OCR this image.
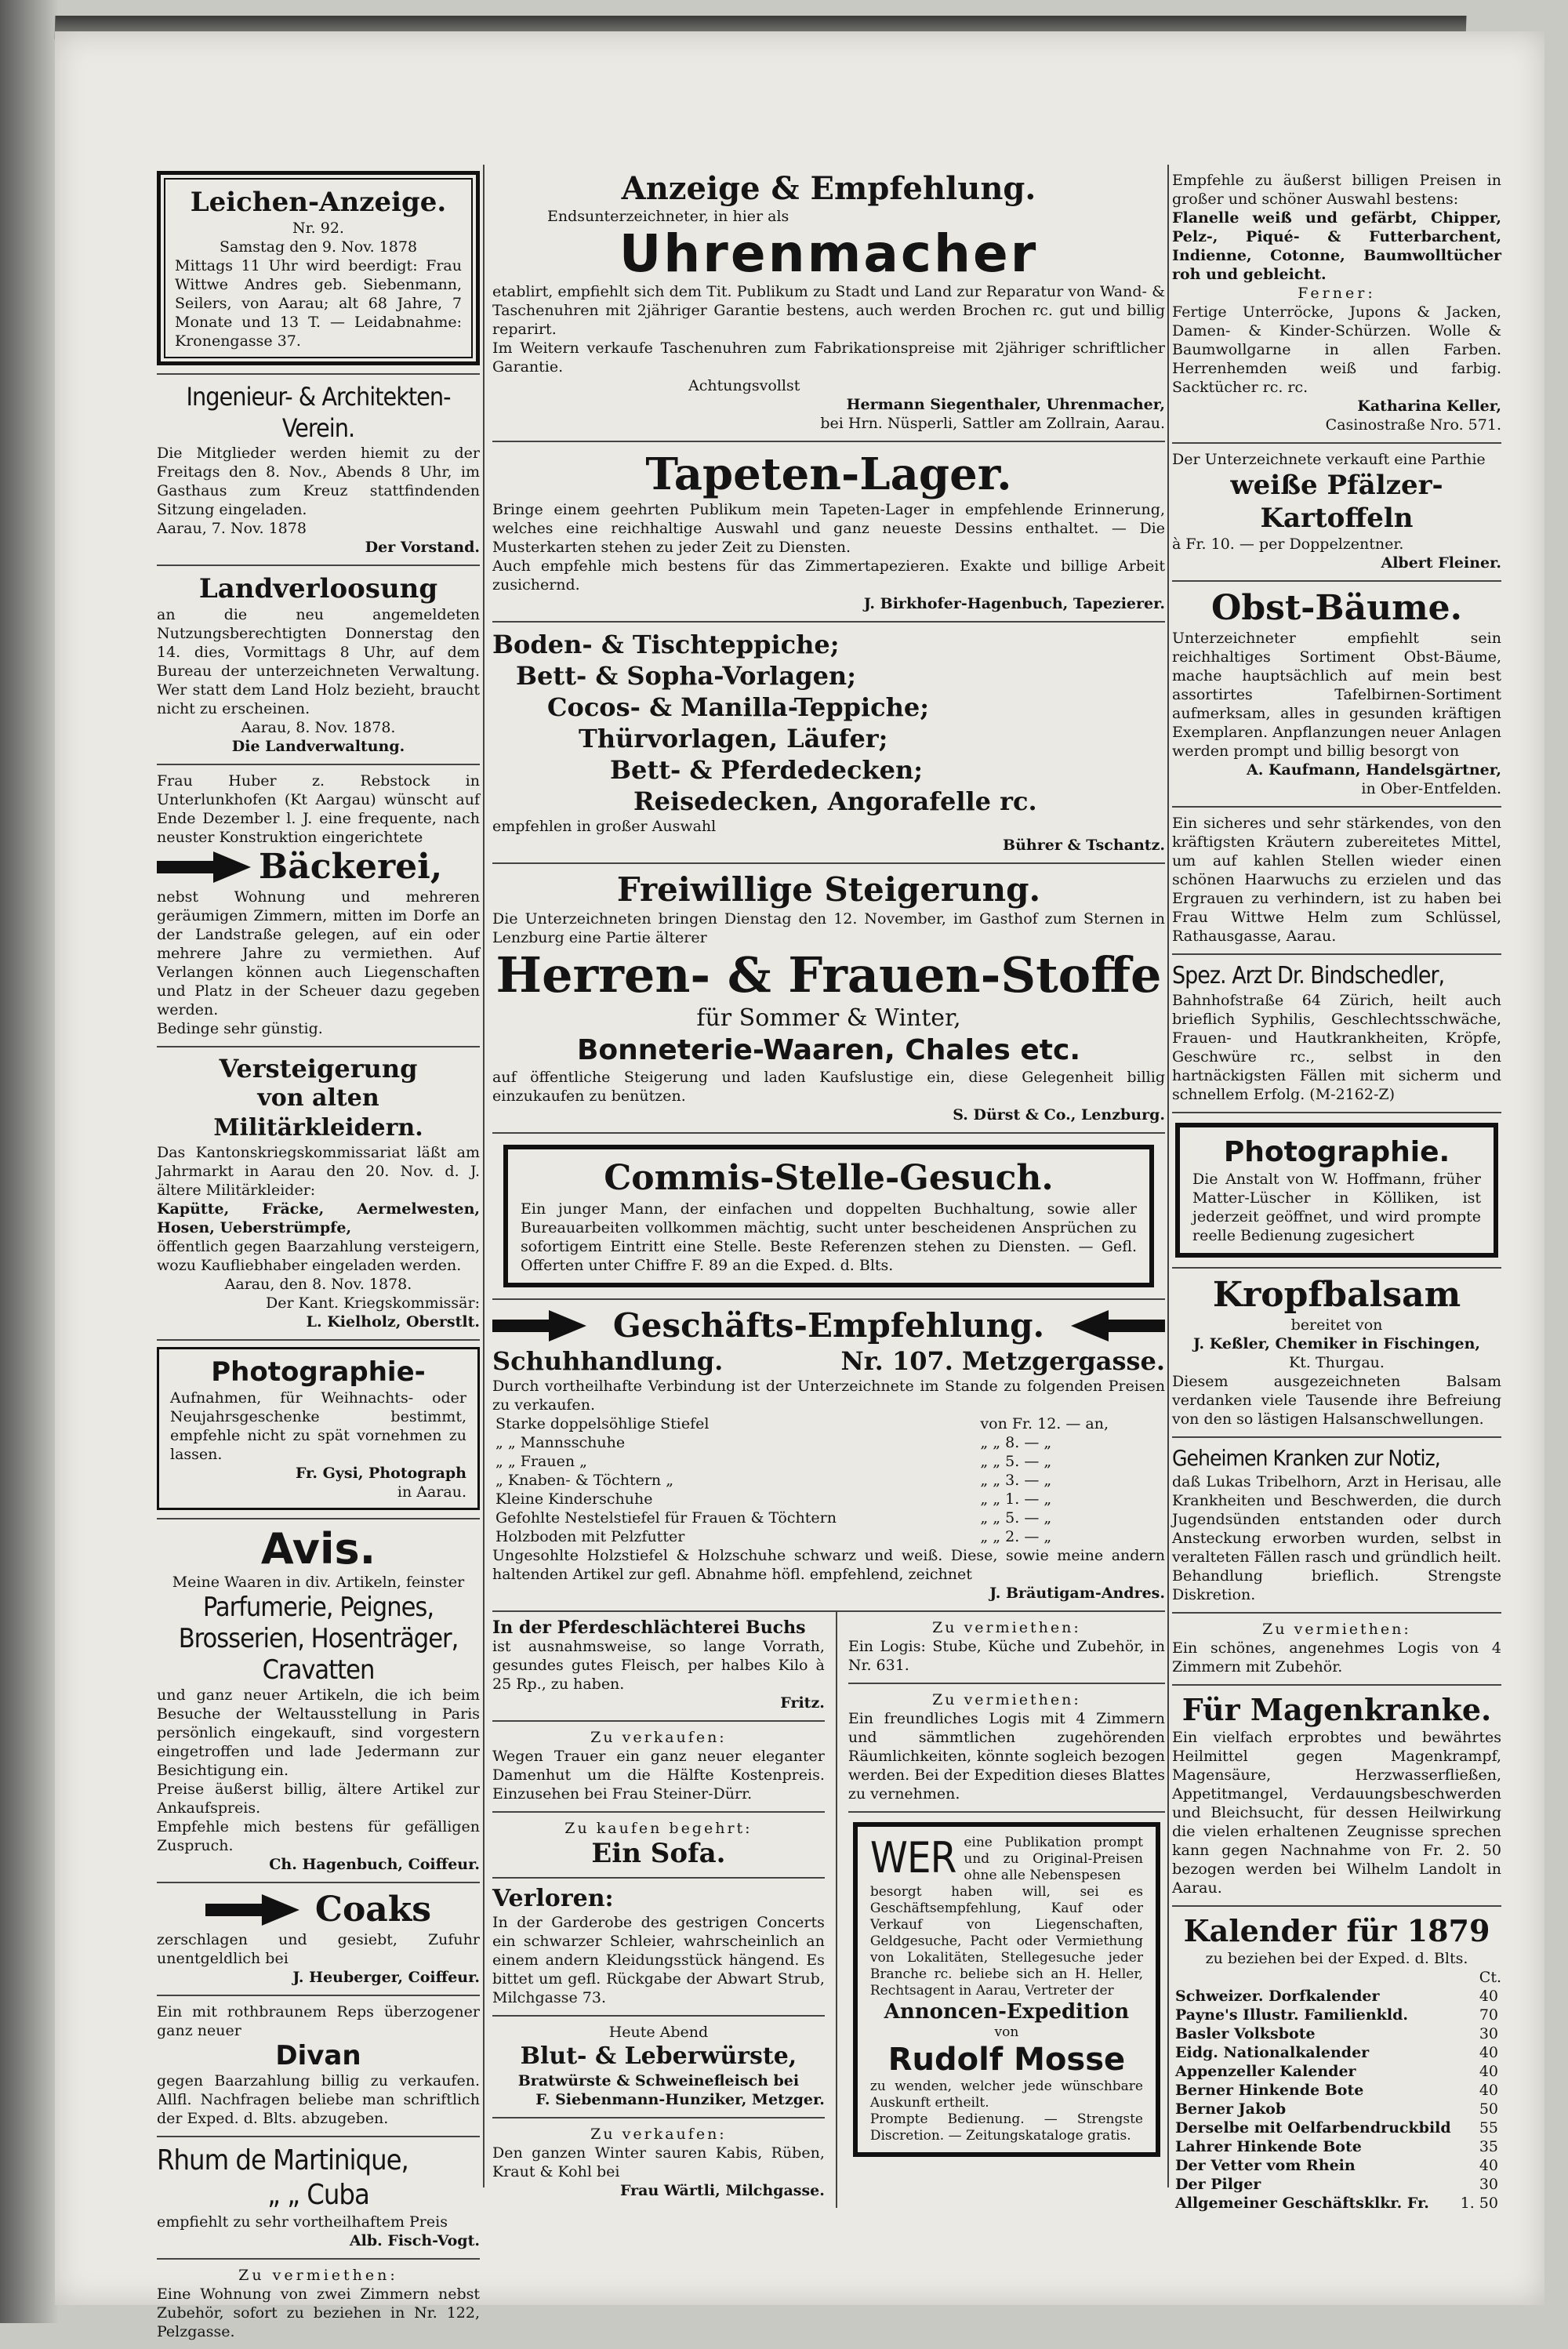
Leichen-Anzeige.
Nr. 92.
Samstag den 9. Nov. 1878
Mittags 11 Uhr wird beerdigt: Frau Wittwe Andres geb. Siebenmann, Seilers, von Aarau; alt 68 Jahre, 7 Monate und 13 T. — Leidabnahme: Kronengasse 37.
Ingenieur- & Architekten-Verein.
Die Mitglieder werden hiemit zu der Freitags den 8. Nov., Abends 8 Uhr, im Gasthaus zum Kreuz stattfindenden Sitzung eingeladen.
Aarau, 7. Nov. 1878
Der Vorstand.
Landverloosung
an die neu angemeldeten Nutzungsberechtigten Donnerstag den 14. dies, Vormittags 8 Uhr, auf dem Bureau der unterzeichneten Verwaltung. Wer statt dem Land Holz bezieht, braucht nicht zu erscheinen.
Aarau, 8. Nov. 1878.
Die Landverwaltung.
Frau Huber z. Rebstock in Unterlunkhofen (Kt Aargau) wünscht auf Ende Dezember l. J. eine frequente, nach neuster Konstruktion eingerichtete
Bäckerei,
nebst Wohnung und mehreren geräumigen Zimmern, mitten im Dorfe an der Landstraße gelegen, auf ein oder mehrere Jahre zu vermiethen. Auf Verlangen können auch Liegenschaften und Platz in der Scheuer dazu gegeben werden.
Bedinge sehr günstig.
Versteigerung
von alten Militärkleidern.
Das Kantonskriegskommissariat läßt am Jahrmarkt in Aarau den 20. Nov. d. J. ältere Militärkleider:
Kapütte, Fräcke, Aermelwesten, Hosen, Ueberstrümpfe,
öffentlich gegen Baarzahlung versteigern, wozu Kaufliebhaber eingeladen werden.
Aarau, den 8. Nov. 1878.
Der Kant. Kriegskommissär:
L. Kielholz, Oberstlt.
Photographie-
Aufnahmen, für Weihnachts- oder Neujahrsgeschenke bestimmt, empfehle nicht zu spät vornehmen zu lassen.
Fr. Gysi, Photograph
in Aarau.
Avis.
Meine Waaren in div. Artikeln, feinster
Parfumerie, Peignes, Brosserien, Hosenträger, Cravatten
und ganz neuer Artikeln, die ich beim Besuche der Weltausstellung in Paris persönlich eingekauft, sind vorgestern eingetroffen und lade Jedermann zur Besichtigung ein.
Preise äußerst billig, ältere Artikel zur Ankaufspreis.
Empfehle mich bestens für gefälligen Zuspruch.
Ch. Hagenbuch, Coiffeur.
Coaks
zerschlagen und gesiebt, Zufuhr unentgeldlich bei
J. Heuberger, Coiffeur.
Ein mit rothbraunem Reps überzogener ganz neuer
Divan
gegen Baarzahlung billig zu verkaufen. Allfl. Nachfragen beliebe man schriftlich der Exped. d. Blts. abzugeben.
Rhum de Martinique,
„ „ Cuba
empfiehlt zu sehr vortheilhaftem Preis
Alb. Fisch-Vogt.
Zu vermiethen:
Eine Wohnung von zwei Zimmern nebst Zubehör, sofort zu beziehen in Nr. 122, Pelzgasse.
Anzeige & Empfehlung.
Endsunterzeichneter, in hier als
Uhrenmacher
etablirt, empfiehlt sich dem Tit. Publikum zu Stadt und Land zur Reparatur von Wand- & Taschenuhren mit 2jähriger Garantie bestens, auch werden Brochen rc. gut und billig reparirt.
Im Weitern verkaufe Taschenuhren zum Fabrikationspreise mit 2jähriger schriftlicher Garantie.
Achtungsvollst
Hermann Siegenthaler, Uhrenmacher,
bei Hrn. Nüsperli, Sattler am Zollrain, Aarau.
Tapeten-Lager.
Bringe einem geehrten Publikum mein Tapeten-Lager in empfehlende Erinnerung, welches eine reichhaltige Auswahl und ganz neueste Dessins enthaltet. — Die Musterkarten stehen zu jeder Zeit zu Diensten.
Auch empfehle mich bestens für das Zimmertapezieren. Exakte und billige Arbeit zusichernd.
J. Birkhofer-Hagenbuch, Tapezierer.
Boden- & Tischteppiche;
Bett- & Sopha-Vorlagen;
Cocos- & Manilla-Teppiche;
Thürvorlagen, Läufer;
Bett- & Pferdedecken;
Reisedecken, Angorafelle rc.
empfehlen in großer Auswahl
Bührer & Tschantz.
Freiwillige Steigerung.
Die Unterzeichneten bringen Dienstag den 12. November, im Gasthof zum Sternen in Lenzburg eine Partie älterer
Herren- & Frauen-Stoffe
für Sommer & Winter,
Bonneterie-Waaren, Chales etc.
auf öffentliche Steigerung und laden Kaufslustige ein, diese Gelegenheit billig einzukaufen zu benützen.
S. Dürst & Co., Lenzburg.
Commis-Stelle-Gesuch.
Ein junger Mann, der einfachen und doppelten Buchhaltung, sowie aller Bureauarbeiten vollkommen mächtig, sucht unter bescheidenen Ansprüchen zu sofortigem Eintritt eine Stelle. Beste Referenzen stehen zu Diensten. — Gefl. Offerten unter Chiffre F. 89 an die Exped. d. Blts.
Geschäfts-Empfehlung.
Schuhhandlung.	Nr. 107. Metzgergasse.
Durch vortheilhafte Verbindung ist der Unterzeichnete im Stande zu folgenden Preisen zu verkaufen.
Starke doppelsöhlige Stiefel	von Fr. 12. — an,
„ „ Mannsschuhe	„ „ 8. — „
„ „ Frauen „	„ „ 5. — „
„ Knaben- & Töchtern „	„ „ 3. — „
Kleine Kinderschuhe	„ „ 1. — „
Gefohlte Nestelstiefel für Frauen & Töchtern	„ „ 5. — „
Holzboden mit Pelzfutter	„ „ 2. — „
Ungesohlte Holzstiefel & Holzschuhe schwarz und weiß. Diese, sowie meine andern haltenden Artikel zur gefl. Abnahme höfl. empfehlend, zeichnet
J. Bräutigam-Andres.
In der Pferdeschlächterei Buchs
ist ausnahmsweise, so lange Vorrath, gesundes gutes Fleisch, per halbes Kilo à 25 Rp., zu haben.
Fritz.
Zu verkaufen:
Wegen Trauer ein ganz neuer eleganter Damenhut um die Hälfte Kostenpreis. Einzusehen bei Frau Steiner-Dürr.
Zu kaufen begehrt:
Ein Sofa.
Verloren:
In der Garderobe des gestrigen Concerts ein schwarzer Schleier, wahrscheinlich an einem andern Kleidungsstück hängend. Es bittet um gefl. Rückgabe der Abwart Strub, Milchgasse 73.
Heute Abend
Blut- & Leberwürste,
Bratwürste & Schweinefleisch bei
F. Siebenmann-Hunziker, Metzger.
Zu verkaufen:
Den ganzen Winter sauren Kabis, Rüben, Kraut & Kohl bei
Frau Wärtli, Milchgasse.
Zu vermiethen:
Ein Logis: Stube, Küche und Zubehör, in Nr. 631.
Zu vermiethen:
Ein freundliches Logis mit 4 Zimmern und sämmtlichen zugehörenden Räumlichkeiten, könnte sogleich bezogen werden. Bei der Expedition dieses Blattes zu vernehmen.
WER eine Publikation prompt und zu Original-Preisen ohne alle Nebenspesen
besorgt haben will, sei es Geschäftsempfehlung, Kauf oder Verkauf von Liegenschaften, Geldgesuche, Pacht oder Vermiethung von Lokalitäten, Stellegesuche jeder Branche rc. beliebe sich an H. Heller, Rechtsagent in Aarau, Vertreter der
Annoncen-Expedition
von
Rudolf Mosse
zu wenden, welcher jede wünschbare Auskunft ertheilt.
Prompte Bedienung. — Strengste Discretion. — Zeitungskataloge gratis.
Empfehle zu äußerst billigen Preisen in großer und schöner Auswahl bestens:
Flanelle weiß und gefärbt, Chipper, Pelz-, Piqué- & Futterbarchent, Indienne, Cotonne, Baumwolltücher roh und gebleicht.
Ferner:
Fertige Unterröcke, Jupons & Jacken, Damen- & Kinder-Schürzen. Wolle & Baumwollgarne in allen Farben. Herrenhemden weiß und farbig. Sacktücher rc. rc.
Katharina Keller,
Casinostraße Nro. 571.
Der Unterzeichnete verkauft eine Parthie
weiße Pfälzer-Kartoffeln
à Fr. 10. — per Doppelzentner.
Albert Fleiner.
Obst-Bäume.
Unterzeichneter empfiehlt sein reichhaltiges Sortiment Obst-Bäume, mache hauptsächlich auf mein best assortirtes Tafelbirnen-Sortiment aufmerksam, alles in gesunden kräftigen Exemplaren. Anpflanzungen neuer Anlagen werden prompt und billig besorgt von
A. Kaufmann, Handelsgärtner,
in Ober-Entfelden.
Ein sicheres und sehr stärkendes, von den kräftigsten Kräutern zubereitetes Mittel, um auf kahlen Stellen wieder einen schönen Haarwuchs zu erzielen und das Ergrauen zu verhindern, ist zu haben bei Frau Wittwe Helm zum Schlüssel, Rathausgasse, Aarau.
Spez. Arzt Dr. Bindschedler,
Bahnhofstraße 64 Zürich, heilt auch brieflich Syphilis, Geschlechtsschwäche, Frauen- und Hautkrankheiten, Kröpfe, Geschwüre rc., selbst in den hartnäckigsten Fällen mit sicherm und schnellem Erfolg. (M-2162-Z)
Photographie.
Die Anstalt von W. Hoffmann, früher Matter-Lüscher in Kölliken, ist jederzeit geöffnet, und wird prompte reelle Bedienung zugesichert
Kropfbalsam
bereitet von
J. Keßler, Chemiker in Fischingen,
Kt. Thurgau.
Diesem ausgezeichneten Balsam verdanken viele Tausende ihre Befreiung von den so lästigen Halsanschwellungen.
Geheimen Kranken zur Notiz,
daß Lukas Tribelhorn, Arzt in Herisau, alle Krankheiten und Beschwerden, die durch Jugendsünden entstanden oder durch Ansteckung erworben wurden, selbst in veralteten Fällen rasch und gründlich heilt. Behandlung brieflich. Strengste Diskretion.
Zu vermiethen:
Ein schönes, angenehmes Logis von 4 Zimmern mit Zubehör.
Für Magenkranke.
Ein vielfach erprobtes und bewährtes Heilmittel gegen Magenkrampf, Magensäure, Herzwasserfließen, Appetitmangel, Verdauungsbeschwerden und Bleichsucht, für dessen Heilwirkung die vielen erhaltenen Zeugnisse sprechen kann gegen Nachnahme von Fr. 2. 50 bezogen werden bei Wilhelm Landolt in Aarau.
Kalender für 1879
zu beziehen bei der Exped. d. Blts.
Ct.
Schweizer. Dorfkalender	40
Payne's Illustr. Familienkld.	70
Basler Volksbote	30
Eidg. Nationalkalender	40
Appenzeller Kalender	40
Berner Hinkende Bote	40
Berner Jakob	50
Derselbe mit Oelfarbendruckbild	55
Lahrer Hinkende Bote	35
Der Vetter vom Rhein	40
Der Pilger	30
Allgemeiner Geschäftsklkr. Fr.	1. 50
